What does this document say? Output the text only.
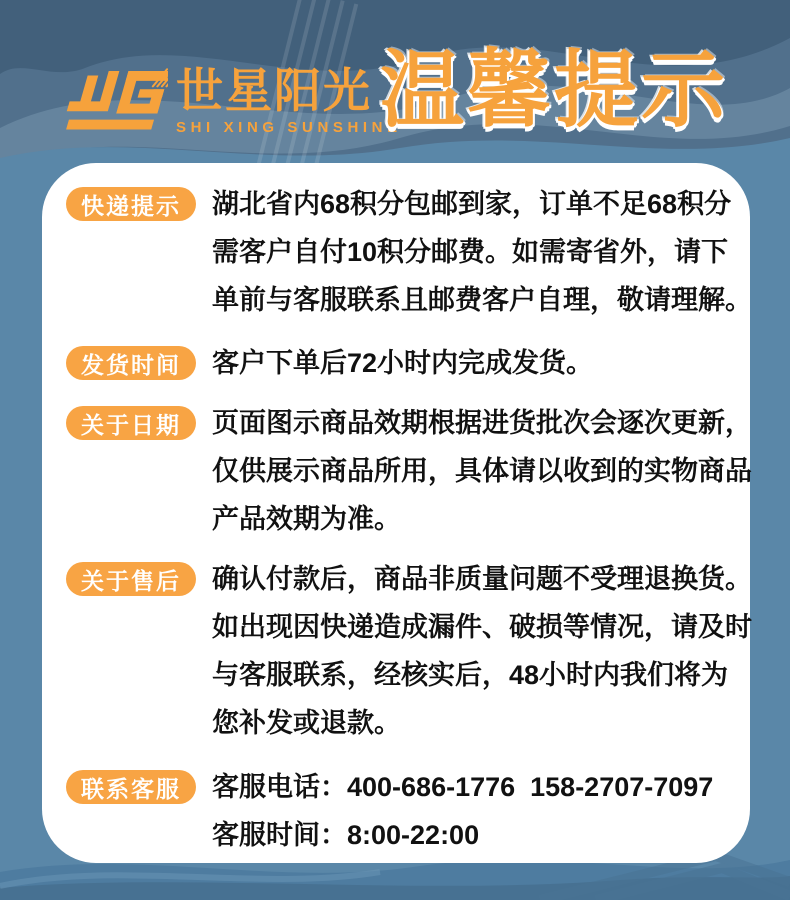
世星阳光
SHI XING SUNSHINE
温馨提示
快递提示	湖北省内68积分包邮到家，订单不足68积分
需客户自付10积分邮费。如需寄省外，请下
单前与客服联系且邮费客户自理，敬请理解。
发货时间	客户下单后72小时内完成发货。
关于日期	页面图示商品效期根据进货批次会逐次更新，
仅供展示商品所用，具体请以收到的实物商品
产品效期为准。
关于售后	确认付款后，商品非质量问题不受理退换货。
如出现因快递造成漏件、破损等情况，请及时
与客服联系，经核实后，48小时内我们将为
您补发或退款。
联系客服	客服电话：400-686-1776  158-2707-7097
客服时间：8:00-22:00
